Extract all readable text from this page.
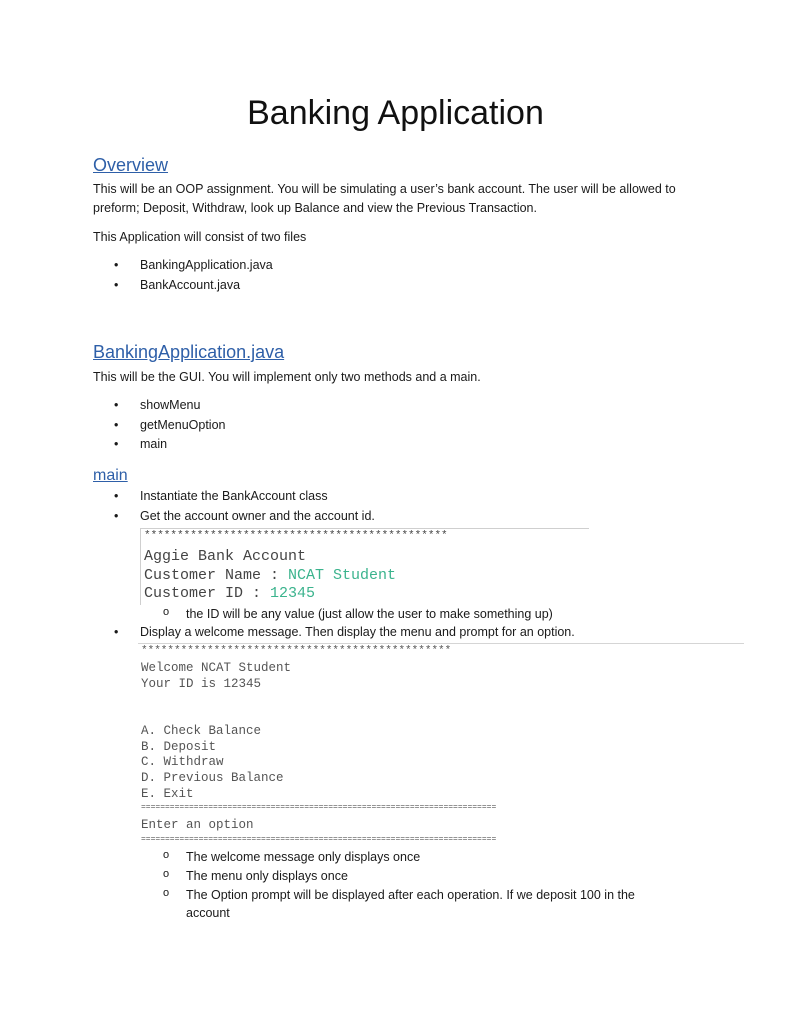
Banking Application
Overview
This will be an OOP assignment. You will be simulating a user’s bank account. The user will be allowed to
preform; Deposit, Withdraw, look up Balance and view the Previous Transaction.
This Application will consist of two files
BankingApplication.java
BankAccount.java
BankingApplication.java
This will be the GUI. You will implement only two methods and a main.
showMenu
getMenuOption
main
main
Instantiate the BankAccount class
Get the account owner and the account id.
**********************************************
Aggie Bank Account
Customer Name : NCAT Student
Customer ID : 12345
the ID will be any value (just allow the user to make something up)
Display a welcome message. Then display the menu and prompt for an option.
***********************************************
Welcome NCAT Student
Your ID is 12345
A. Check Balance
B. Deposit
C. Withdraw
D. Previous Balance
E. Exit
==========================================================================
Enter an option
==========================================================================
The welcome message only displays once
The menu only displays once
The Option prompt will be displayed after each operation. If we deposit 100 in the
account
